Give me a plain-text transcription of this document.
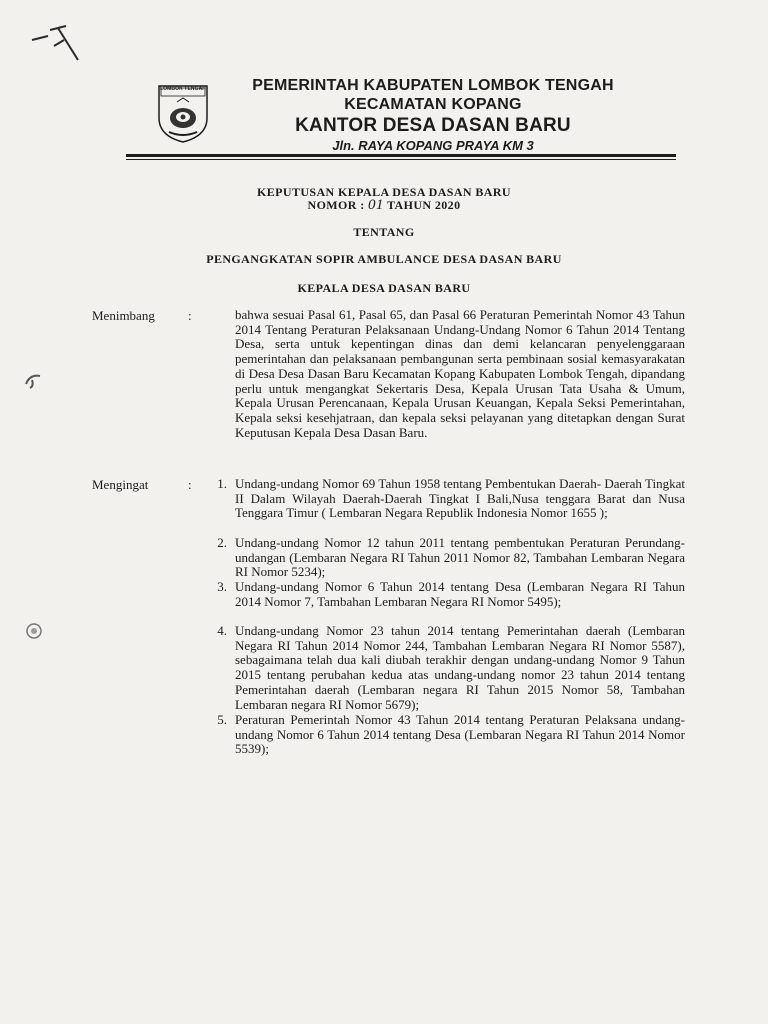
LOMBOK TENGAH	PEMERINTAH KABUPATEN LOMBOK TENGAH
KECAMATAN KOPANG
KANTOR DESA DASAN BARU
Jln. RAYA KOPANG PRAYA KM 3
KEPUTUSAN KEPALA DESA DASAN BARU
NOMOR : 01 TAHUN 2020
TENTANG
PENGANGKATAN SOPIR AMBULANCE DESA DASAN BARU
KEPALA DESA DASAN BARU
Menimbang	:	bahwa sesuai Pasal 61, Pasal 65, dan Pasal 66 Peraturan Pemerintah Nomor 43 Tahun 2014 Tentang Peraturan Pelaksanaan Undang-Undang Nomor 6 Tahun 2014 Tentang Desa, serta untuk kepentingan dinas dan demi kelancaran penyelenggaraan pemerintahan dan pelaksanaan pembangunan serta pembinaan sosial kemasyarakatan di Desa Desa Dasan Baru Kecamatan Kopang Kabupaten Lombok Tengah, dipandang perlu untuk mengangkat Sekertaris Desa, Kepala Urusan Tata Usaha & Umum, Kepala Urusan Perencanaan, Kepala Urusan Keuangan, Kepala Seksi Pemerintahan, Kepala seksi kesehjatraan, dan kepala seksi pelayanan yang ditetapkan dengan Surat Keputusan Kepala Desa Dasan Baru.

Mengingat	:	1. Undang-undang Nomor 69 Tahun 1958 tentang Pembentukan Daerah- Daerah Tingkat II Dalam Wilayah Daerah-Daerah Tingkat I Bali,Nusa tenggara Barat dan Nusa Tenggara Timur ( Lembaran Negara Republik Indonesia Nomor 1655 );

2. Undang-undang Nomor 12 tahun 2011 tentang pembentukan Peraturan Perundang-undangan (Lembaran Negara RI Tahun 2011 Nomor 82, Tambahan Lembaran Negara RI Nomor 5234);

3. Undang-undang Nomor 6 Tahun 2014 tentang Desa (Lembaran Negara RI Tahun 2014 Nomor 7, Tambahan Lembaran Negara RI Nomor 5495);

4. Undang-undang Nomor 23 tahun 2014 tentang Pemerintahan daerah (Lembaran Negara RI Tahun 2014 Nomor 244, Tambahan Lembaran Negara RI Nomor 5587), sebagaimana telah dua kali diubah terakhir dengan undang-undang Nomor 9 Tahun 2015 tentang perubahan kedua atas undang-undang nomor 23 tahun 2014 tentang Pemerintahan daerah (Lembaran negara RI Tahun 2015 Nomor 58, Tambahan Lembaran negara RI Nomor 5679);

5. Peraturan Pemerintah Nomor 43 Tahun 2014 tentang Peraturan Pelaksana undang-undang Nomor 6 Tahun 2014 tentang Desa (Lembaran Negara RI Tahun 2014 Nomor 5539);
